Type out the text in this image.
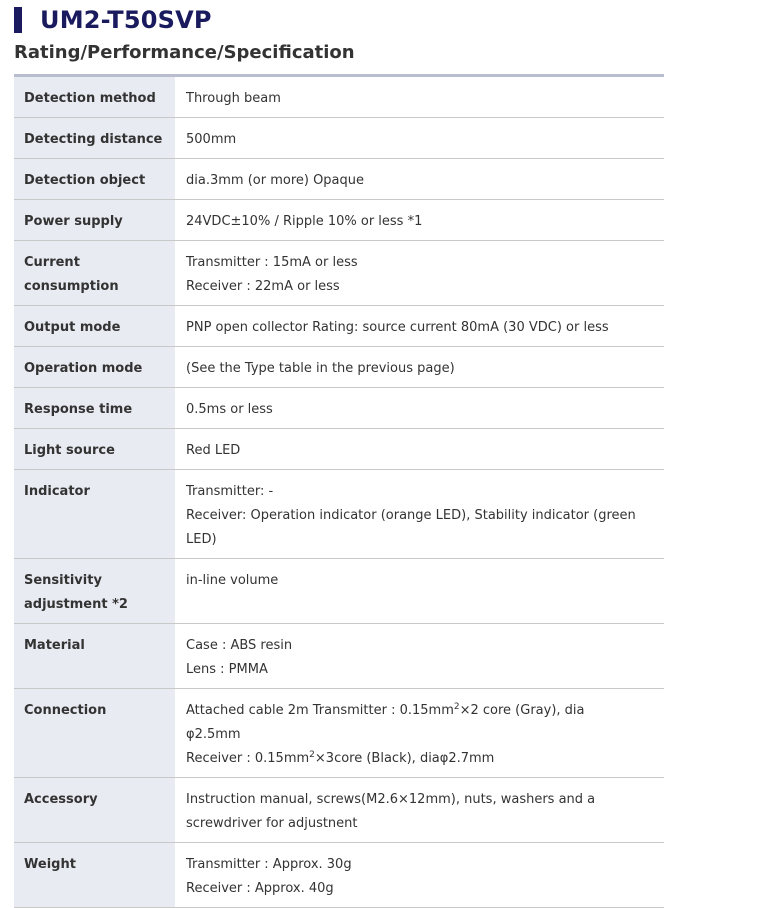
UM2-T50SVP
Rating/Performance/Specification
Detection method	Through beam

Detecting distance	500mm

Detection object	dia.3mm (or more) Opaque

Power supply	24VDC±10% / Ripple 10% or less *1

Current consumption	Transmitter : 15mA or less
Receiver : 22mA or less

Output mode	PNP open collector Rating: source current 80mA (30 VDC) or less

Operation mode	(See the Type table in the previous page)

Response time	0.5ms or less

Light source	Red LED

Indicator	Transmitter: -
Receiver: Operation indicator (orange LED), Stability indicator (green LED)

Sensitivity adjustment *2	in-line volume

Material	Case : ABS resin
Lens : PMMA

Connection	Attached cable 2m Transmitter : $0.15mm^2\times 2$ core (Gray), dia φ2.5mm
Receiver : $0.15mm^2\times 3core$ (Black), diaφ2.7mm

Accessory	Instruction manual, screws(M2.6×12mm), nuts, washers and a screwdriver for adjustnent

Weight	Transmitter : Approx. 30g
Receiver : Approx. 40g
